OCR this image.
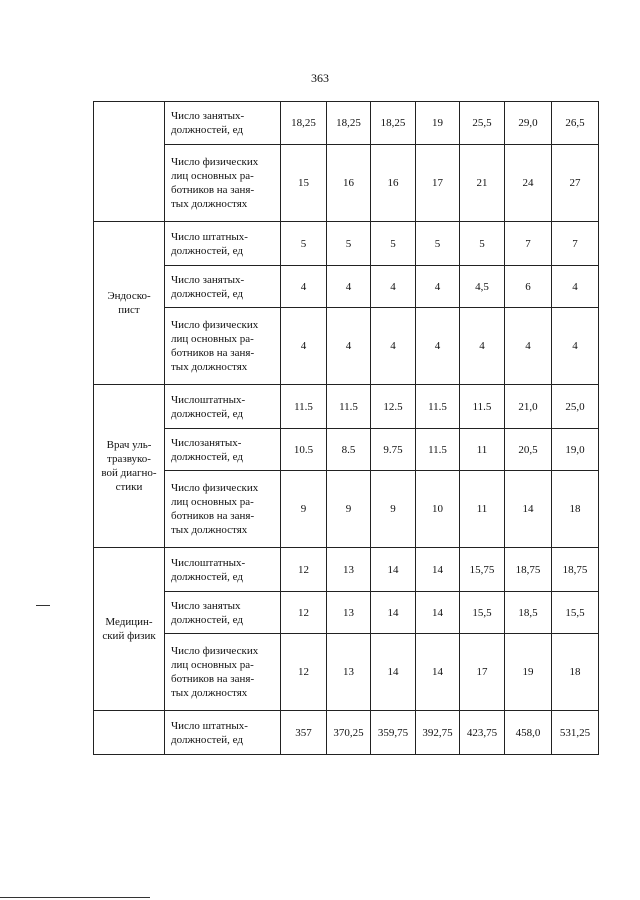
363
	Число занятых-
должностей, ед	18,25	18,25	18,25	19	25,5	29,0	26,5
	Число физических
лиц основных ра-
ботников на заня-
тых должностях	15	16	16	17	21	24	27
Эндоско-
пист	Число штатных-
должностей, ед	5	5	5	5	5	7	7
	Число занятых-
должностей, ед	4	4	4	4	4,5	6	4
	Число физических
лиц основных ра-
ботников на заня-
тых должностях	4	4	4	4	4	4	4
Врач уль-
тразвуко-
вой диагно-
стики	Числоштатных-
должностей, ед	11.5	11.5	12.5	11.5	11.5	21,0	25,0
	Числозанятых-
должностей, ед	10.5	8.5	9.75	11.5	11	20,5	19,0
	Число физических
лиц основных ра-
ботников на заня-
тых должностях	9	9	9	10	11	14	18
Медицин-
ский физик	Числоштатных-
должностей, ед	12	13	14	14	15,75	18,75	18,75
	Число занятых
должностей, ед	12	13	14	14	15,5	18,5	15,5
	Число физических
лиц основных ра-
ботников на заня-
тых должностях	12	13	14	14	17	19	18
	Число штатных-
должностей, ед	357	370,25	359,75	392,75	423,75	458,0	531,25
